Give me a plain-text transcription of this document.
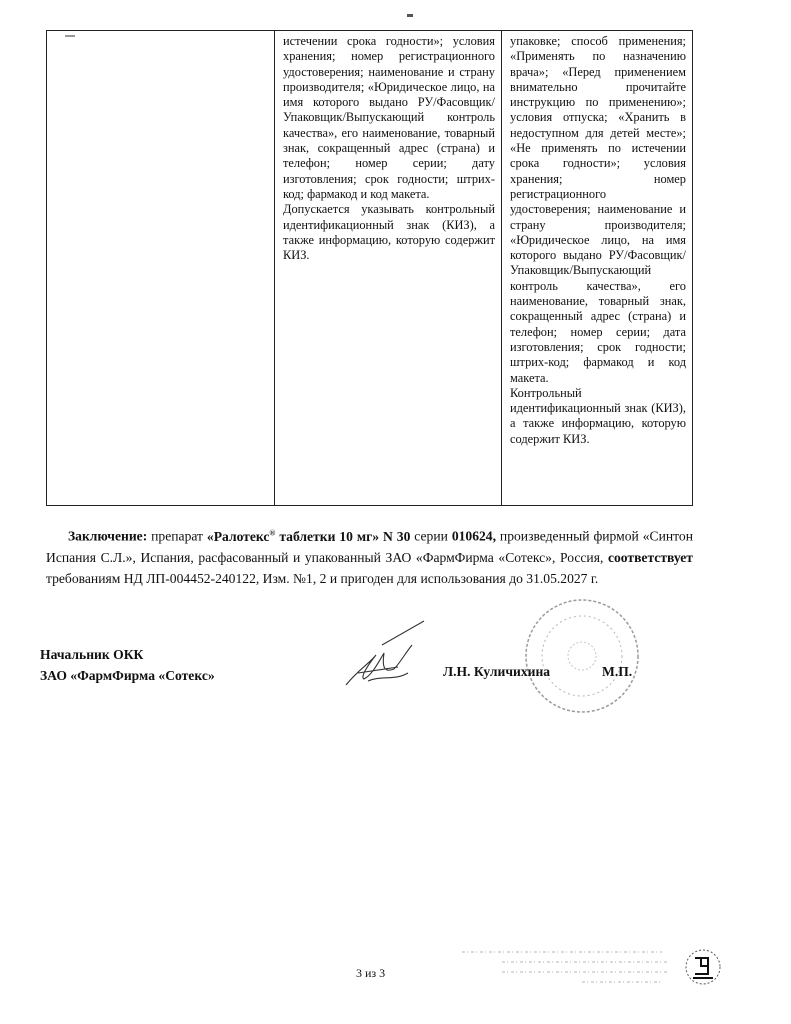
истечении срока годности»; условия хранения; номер регистрационного удостоверения; наименование и страну производителя; «Юридическое лицо, на имя которого выдано РУ/Фасовщик/Упаковщик/Выпускающий контроль качества», его наименование, товарный знак, сокращенный адрес (страна) и телефон; номер серии; дату изготовления; срок годности; штрих-код; фармакод и код макета.
Допускается указывать контрольный идентификационный знак (КИЗ), а также информацию, которую содержит КИЗ.
упаковке; способ применения; «Применять по назначению врача»; «Перед применением внимательно прочитайте инструкцию по применению»; условия отпуска; «Хранить в недоступном для детей месте»; «Не применять по истечении срока годности»; условия хранения; номер регистрационного удостоверения; наименование и страну производителя; «Юридическое лицо, на имя которого выдано РУ/Фасовщик/Упаковщик/Выпускающий контроль качества», его наименование, товарный знак, сокращенный адрес (страна) и телефон; номер серии; дата изготовления; срок годности; штрих-код; фармакод и код макета.
Контрольный идентификационный знак (КИЗ), а также информацию, которую содержит КИЗ.
Заключение: препарат «Ралотекс® таблетки 10 мг» N 30 серии 010624, произведенный фирмой «Синтон Испания С.Л.», Испания, расфасованный и упакованный ЗАО «ФармФирма «Сотекс», Россия, соответствует требованиям НД ЛП-004452-240122, Изм. №1, 2 и пригоден для использования до 31.05.2027 г.
Начальник ОКК
ЗАО «ФармФирма «Сотекс»	Л.Н. Куличихина	М.П.
3 из 3
